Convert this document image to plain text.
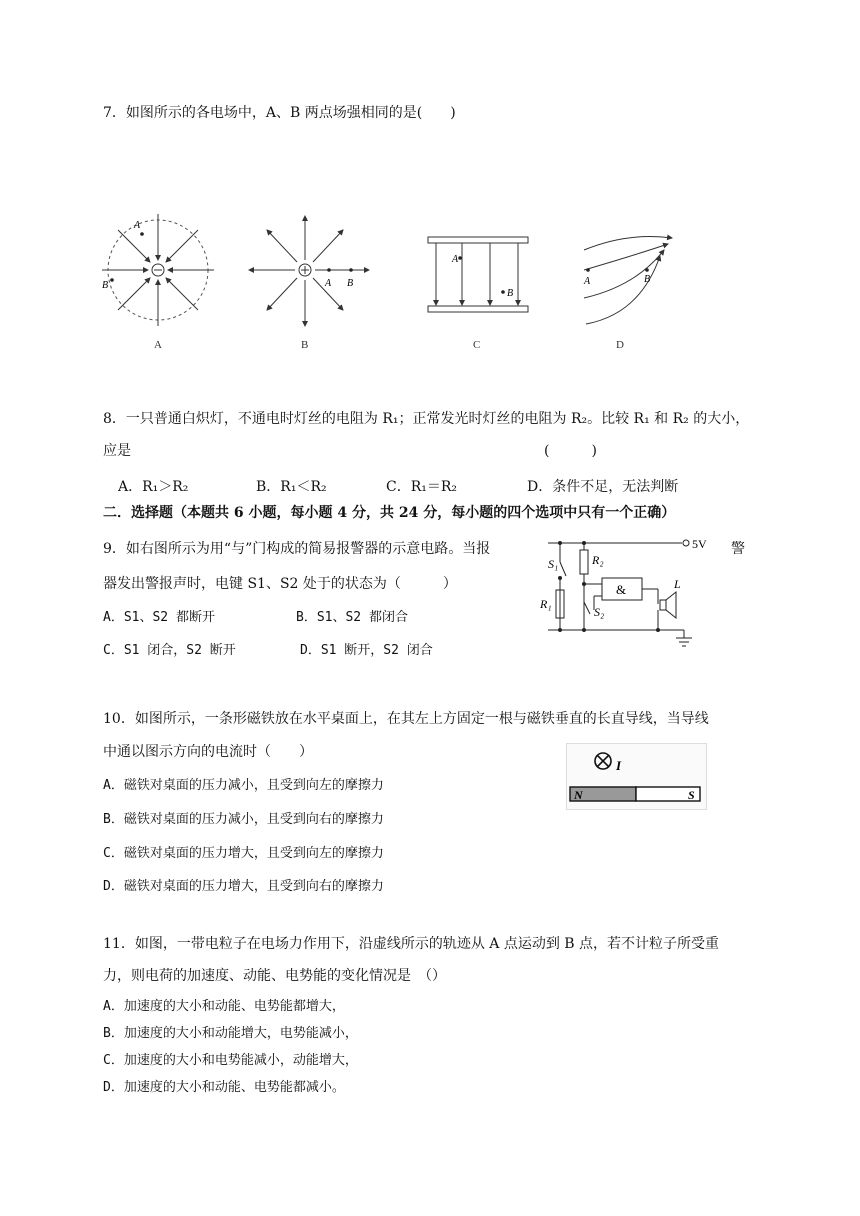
7．如图所示的各电场中，A、B 两点场强相同的是(　　)
A
B
A
A B
B
A
B
C
A	B
D
8．一只普通白炽灯，不通电时灯丝的电阻为 R₁；正常发光时灯丝的电阻为 R₂。比较 R₁ 和 R₂ 的大小，
应是	(　　　)
A．R₁＞R₂	B．R₁＜R₂	C．R₁＝R₂	D．条件不足，无法判断
二．选择题（本题共 6 小题，每小题 4 分，共 24 分，每小题的四个选项中只有一个正确）
9．如右图所示为用“与”门构成的简易报警器的示意电路。当报	警
器发出警报声时，电键 S1、S2 处于的状态为（　　　）
A．S1、S2 都断开	B．S1、S2 都闭合
C．S1 闭合，S2 断开	D．S1 断开，S2 闭合
5V
R₂
S₁
&	L
R₁
S₂
10．如图所示，一条形磁铁放在水平桌面上，在其左上方固定一根与磁铁垂直的长直导线，当导线
中通以图示方向的电流时（　　）
A．磁铁对桌面的压力减小，且受到向左的摩擦力
B．磁铁对桌面的压力减小，且受到向右的摩擦力
C．磁铁对桌面的压力增大，且受到向左的摩擦力
D．磁铁对桌面的压力增大，且受到向右的摩擦力
I
N	S
11．如图，一带电粒子在电场力作用下，沿虚线所示的轨迹从 A 点运动到 B 点，若不计粒子所受重
力，则电荷的加速度、动能、电势能的变化情况是　（）
A．加速度的大小和动能、电势能都增大，
B．加速度的大小和动能增大，电势能减小，
C．加速度的大小和电势能减小，动能增大，
D．加速度的大小和动能、电势能都减小。
